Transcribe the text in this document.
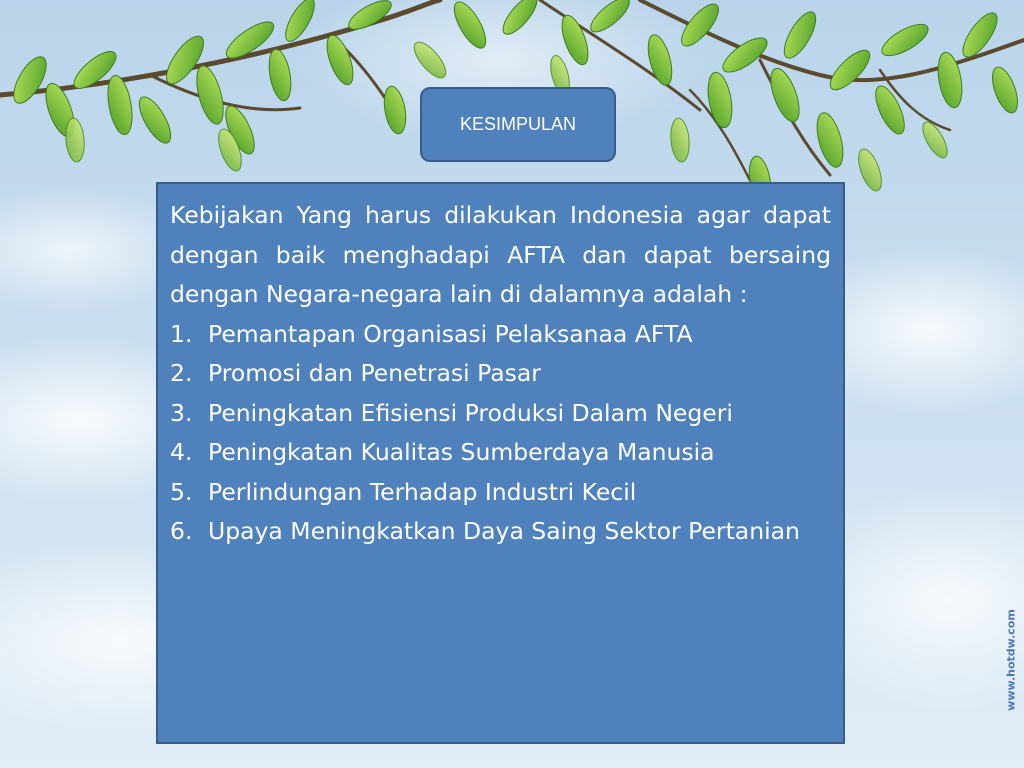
KESIMPULAN

Kebijakan Yang harus dilakukan Indonesia agar dapat dengan baik menghadapi AFTA dan dapat bersaing dengan Negara-negara lain di dalamnya adalah :

1. Pemantapan Organisasi Pelaksanaa AFTA
2. Promosi dan Penetrasi Pasar
3. Peningkatan Efisiensi Produksi Dalam Negeri
4. Peningkatan Kualitas Sumberdaya Manusia
5. Perlindungan Terhadap Industri Kecil
6. Upaya Meningkatkan Daya Saing Sektor Pertanian
www.hotdw.com
